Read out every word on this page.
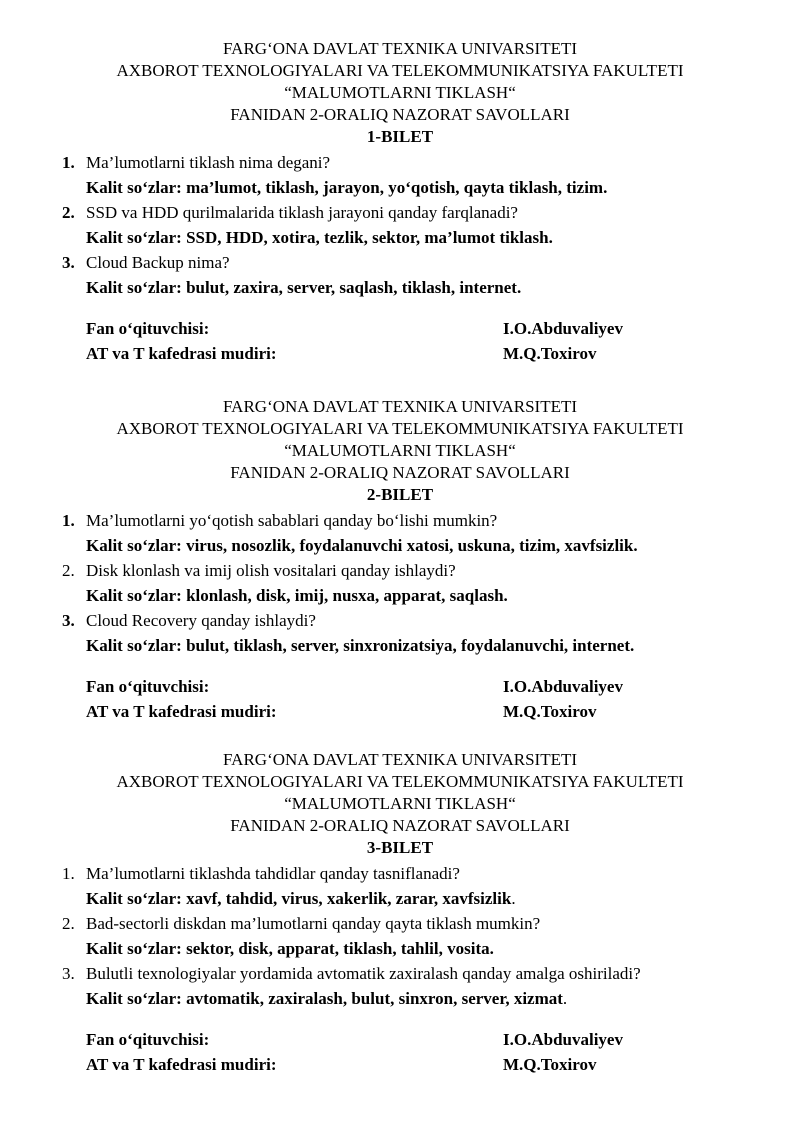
FARG‘ONA DAVLAT TEXNIKA UNIVARSITETI
AXBOROT TEXNOLOGIYALARI VA TELEKOMMUNIKATSIYA FAKULTETI
“MALUMOTLARNI TIKLASH“
FANIDAN 2-ORALIQ NAZORAT SAVOLLARI
1-BILET
1. Ma’lumotlarni tiklash nima degani?
Kalit so‘zlar: ma’lumot, tiklash, jarayon, yo‘qotish, qayta tiklash, tizim.
2. SSD va HDD qurilmalarida tiklash jarayoni qanday farqlanadi?
Kalit so‘zlar: SSD, HDD, xotira, tezlik, sektor, ma’lumot tiklash.
3. Cloud Backup nima?
Kalit so‘zlar: bulut, zaxira, server, saqlash, tiklash, internet.
Fan o‘qituvchisi:	I.O.Abduvaliyev
AT va T kafedrasi mudiri:	M.Q.Toxirov
FARG‘ONA DAVLAT TEXNIKA UNIVARSITETI
AXBOROT TEXNOLOGIYALARI VA TELEKOMMUNIKATSIYA FAKULTETI
“MALUMOTLARNI TIKLASH“
FANIDAN 2-ORALIQ NAZORAT SAVOLLARI
2-BILET
1. Ma’lumotlarni yo‘qotish sabablari qanday bo‘lishi mumkin?
Kalit so‘zlar: virus, nosozlik, foydalanuvchi xatosi, uskuna, tizim, xavfsizlik.
2. Disk klonlash va imij olish vositalari qanday ishlaydi?
Kalit so‘zlar: klonlash, disk, imij, nusxa, apparat, saqlash.
3. Cloud Recovery qanday ishlaydi?
Kalit so‘zlar: bulut, tiklash, server, sinxronizatsiya, foydalanuvchi, internet.
Fan o‘qituvchisi:	I.O.Abduvaliyev
AT va T kafedrasi mudiri:	M.Q.Toxirov
FARG‘ONA DAVLAT TEXNIKA UNIVARSITETI
AXBOROT TEXNOLOGIYALARI VA TELEKOMMUNIKATSIYA FAKULTETI
“MALUMOTLARNI TIKLASH“
FANIDAN 2-ORALIQ NAZORAT SAVOLLARI
3-BILET
1. Ma’lumotlarni tiklashda tahdidlar qanday tasniflanadi?
Kalit so‘zlar: xavf, tahdid, virus, xakerlik, zarar, xavfsizlik.
2. Bad-sectorli diskdan ma’lumotlarni qanday qayta tiklash mumkin?
Kalit so‘zlar: sektor, disk, apparat, tiklash, tahlil, vosita.
3. Bulutli texnologiyalar yordamida avtomatik zaxiralash qanday amalga oshiriladi?
Kalit so‘zlar: avtomatik, zaxiralash, bulut, sinxron, server, xizmat.
Fan o‘qituvchisi:	I.O.Abduvaliyev
AT va T kafedrasi mudiri:	M.Q.Toxirov
